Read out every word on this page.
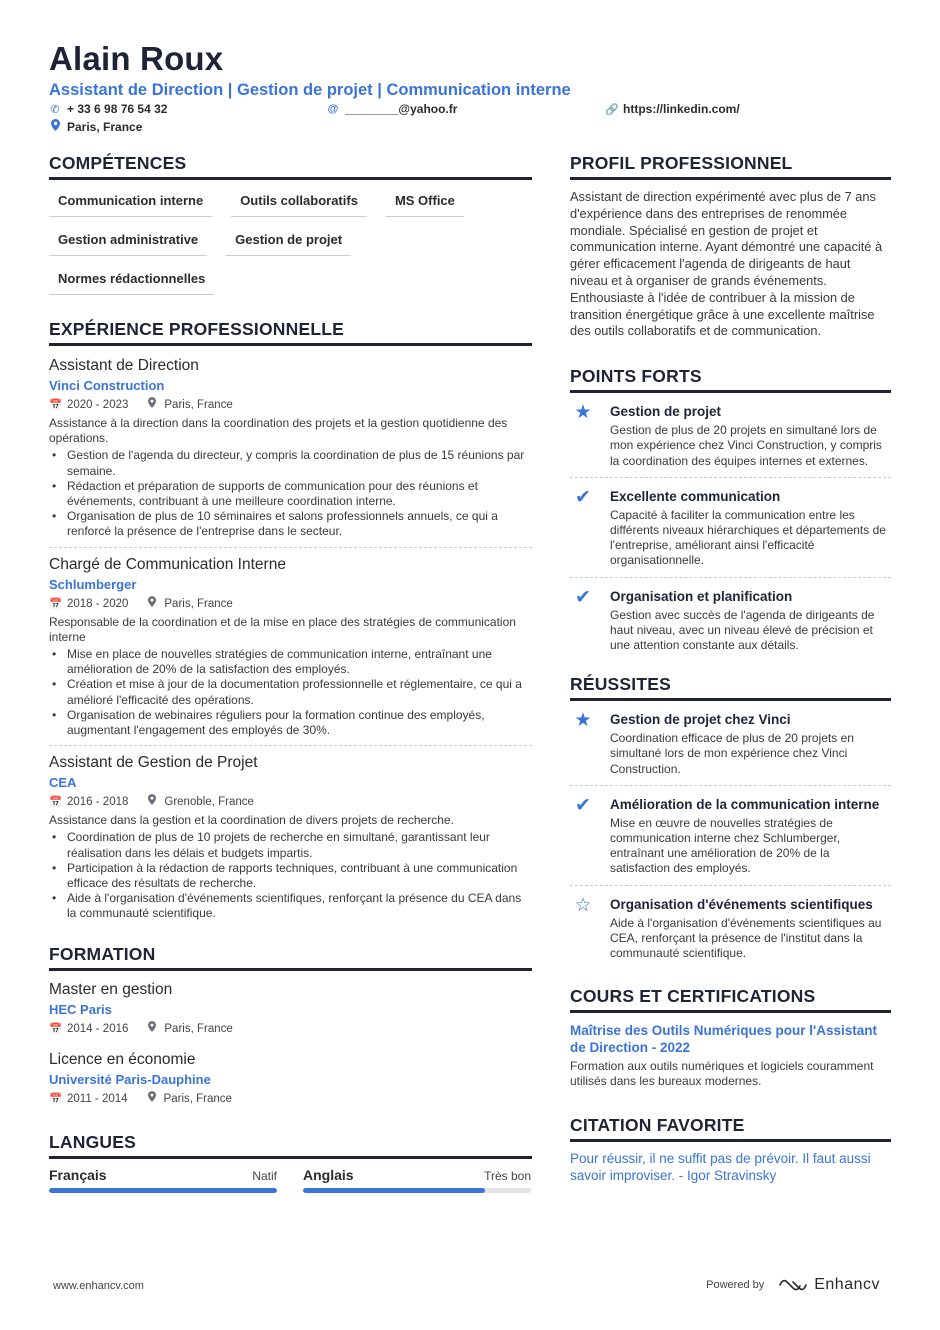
Alain Roux
Assistant de Direction | Gestion de projet | Communication interne
✆ + 33 6 98 76 54 32	@ ________@yahoo.fr	🔗 https://linkedin.com/
Paris, France
COMPÉTENCES
Communication interne	Outils collaboratifs	MS Office
Gestion administrative	Gestion de projet
Normes rédactionnelles
EXPÉRIENCE PROFESSIONNELLE
Assistant de Direction
Vinci Construction
📅 2020 - 2023	Paris, France
Assistance à la direction dans la coordination des projets et la gestion quotidienne des opérations.
• Gestion de l'agenda du directeur, y compris la coordination de plus de 15 réunions par semaine.
• Rédaction et préparation de supports de communication pour des réunions et événements, contribuant à une meilleure coordination interne.
• Organisation de plus de 10 séminaires et salons professionnels annuels, ce qui a renforcé la présence de l'entreprise dans le secteur.
Chargé de Communication Interne
Schlumberger
📅 2018 - 2020	Paris, France
Responsable de la coordination et de la mise en place des stratégies de communication interne
• Mise en place de nouvelles stratégies de communication interne, entraînant une amélioration de 20% de la satisfaction des employés.
• Création et mise à jour de la documentation professionnelle et réglementaire, ce qui a amélioré l'efficacité des opérations.
• Organisation de webinaires réguliers pour la formation continue des employés, augmentant l'engagement des employés de 30%.
Assistant de Gestion de Projet
CEA
📅 2016 - 2018	Grenoble, France
Assistance dans la gestion et la coordination de divers projets de recherche.
• Coordination de plus de 10 projets de recherche en simultané, garantissant leur réalisation dans les délais et budgets impartis.
• Participation à la rédaction de rapports techniques, contribuant à une communication efficace des résultats de recherche.
• Aide à l'organisation d'événements scientifiques, renforçant la présence du CEA dans la communauté scientifique.
FORMATION
Master en gestion
HEC Paris
📅 2014 - 2016	Paris, France
Licence en économie
Université Paris-Dauphine
📅 2011 - 2014	Paris, France
LANGUES
Français	Natif Anglais	Très bon
PROFIL PROFESSIONNEL
Assistant de direction expérimenté avec plus de 7 ans d'expérience dans des entreprises de renommée mondiale. Spécialisé en gestion de projet et communication interne. Ayant démontré une capacité à gérer efficacement l'agenda de dirigeants de haut niveau et à organiser de grands événements. Enthousiaste à l'idée de contribuer à la mission de transition énergétique grâce à une excellente maîtrise des outils collaboratifs et de communication.
POINTS FORTS
★	Gestion de projet
Gestion de plus de 20 projets en simultané lors de mon expérience chez Vinci Construction, y compris la coordination des équipes internes et externes.
✔	Excellente communication
Capacité à faciliter la communication entre les différents niveaux hiérarchiques et départements de l'entreprise, améliorant ainsi l'efficacité organisationnelle.
✔	Organisation et planification
Gestion avec succès de l'agenda de dirigeants de haut niveau, avec un niveau élevé de précision et une attention constante aux détails.
RÉUSSITES
★	Gestion de projet chez Vinci
Coordination efficace de plus de 20 projets en simultané lors de mon expérience chez Vinci Construction.
✔	Amélioration de la communication interne
Mise en œuvre de nouvelles stratégies de communication interne chez Schlumberger, entraînant une amélioration de 20% de la satisfaction des employés.
☆	Organisation d'événements scientifiques
Aide à l'organisation d'événements scientifiques au CEA, renforçant la présence de l'institut dans la communauté scientifique.
COURS ET CERTIFICATIONS
Maîtrise des Outils Numériques pour l'Assistant de Direction - 2022
Formation aux outils numériques et logiciels couramment utilisés dans les bureaux modernes.
CITATION FAVORITE
Pour réussir, il ne suffit pas de prévoir. Il faut aussi savoir improviser. - Igor Stravinsky
www.enhancv.com	Powered by	Enhancv
